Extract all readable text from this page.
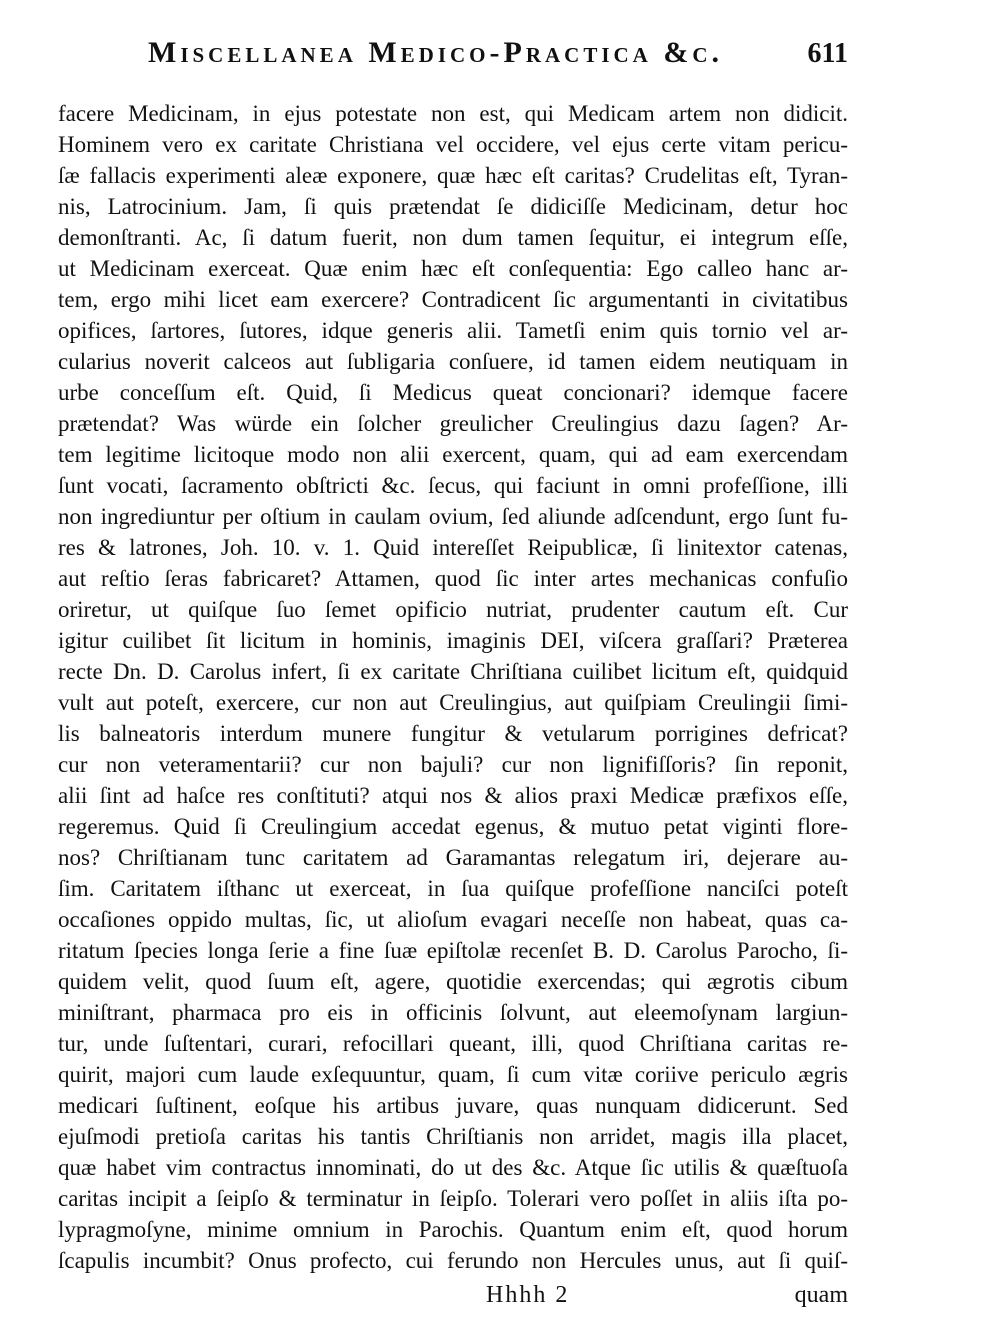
Miscellanea Medico-Practica &c.	611
facere Medicinam, in ejus potestate non est, qui Medicam artem non didicit.
Hominem vero ex caritate Christiana vel occidere, vel ejus certe vitam pericu-
ſæ fallacis experimenti aleæ exponere, quæ hæc eſt caritas? Crudelitas eſt, Tyran-
nis, Latrocinium. Jam, ſi quis prætendat ſe didiciſſe Medicinam, detur hoc
demonſtranti. Ac, ſi datum fuerit, non dum tamen ſequitur, ei integrum eſſe,
ut Medicinam exerceat. Quæ enim hæc eſt conſequentia: Ego calleo hanc ar-
tem, ergo mihi licet eam exercere? Contradicent ſic argumentanti in civitatibus
opifices, ſartores, ſutores, idque generis alii. Tametſi enim quis tornio vel ar-
cularius noverit calceos aut ſubligaria conſuere, id tamen eidem neutiquam in
urbe conceſſum eſt. Quid, ſi Medicus queat concionari? idemque facere
prætendat? Was würde ein ſolcher greulicher Creulingius dazu ſagen? Ar-
tem legitime licitoque modo non alii exercent, quam, qui ad eam exercendam
ſunt vocati, ſacramento obſtricti &c. ſecus, qui faciunt in omni profeſſione, illi
non ingrediuntur per oſtium in caulam ovium, ſed aliunde adſcendunt, ergo ſunt fu-
res & latrones, Joh. 10. v. 1. Quid intereſſet Reipublicæ, ſi linitextor catenas,
aut reſtio ſeras fabricaret? Attamen, quod ſic inter artes mechanicas confuſio
oriretur, ut quiſque ſuo ſemet opificio nutriat, prudenter cautum eſt. Cur
igitur cuilibet ſit licitum in hominis, imaginis DEI, viſcera graſſari? Præterea
recte Dn. D. Carolus infert, ſi ex caritate Chriſtiana cuilibet licitum eſt, quidquid
vult aut poteſt, exercere, cur non aut Creulingius, aut quiſpiam Creulingii ſimi-
lis balneatoris interdum munere fungitur & vetularum porrigines defricat?
cur non veteramentarii? cur non bajuli? cur non lignifiſſoris? ſin reponit,
alii ſint ad haſce res conſtituti? atqui nos & alios praxi Medicæ præfixos eſſe,
regeremus. Quid ſi Creulingium accedat egenus, & mutuo petat viginti flore-
nos? Chriſtianam tunc caritatem ad Garamantas relegatum iri, dejerare au-
ſim. Caritatem iſthanc ut exerceat, in ſua quiſque profeſſione nanciſci poteſt
occaſiones oppido multas, ſic, ut alioſum evagari neceſſe non habeat, quas ca-
ritatum ſpecies longa ſerie a fine ſuæ epiſtolæ recenſet B. D. Carolus Parocho, ſi-
quidem velit, quod ſuum eſt, agere, quotidie exercendas; qui ægrotis cibum
miniſtrant, pharmaca pro eis in officinis ſolvunt, aut eleemoſynam largiun-
tur, unde ſuſtentari, curari, refocillari queant, illi, quod Chriſtiana caritas re-
quirit, majori cum laude exſequuntur, quam, ſi cum vitæ coriive periculo ægris
medicari ſuſtinent, eoſque his artibus juvare, quas nunquam didicerunt. Sed
ejuſmodi pretioſa caritas his tantis Chriſtianis non arridet, magis illa placet,
quæ habet vim contractus innominati, do ut des &c. Atque ſic utilis & quæſtuoſa
caritas incipit a ſeipſo & terminatur in ſeipſo. Tolerari vero poſſet in aliis iſta po-
lypragmoſyne, minime omnium in Parochis. Quantum enim eſt, quod horum
ſcapulis incumbit? Onus profecto, cui ferundo non Hercules unus, aut ſi quiſ-
Hhhh 2	quam
